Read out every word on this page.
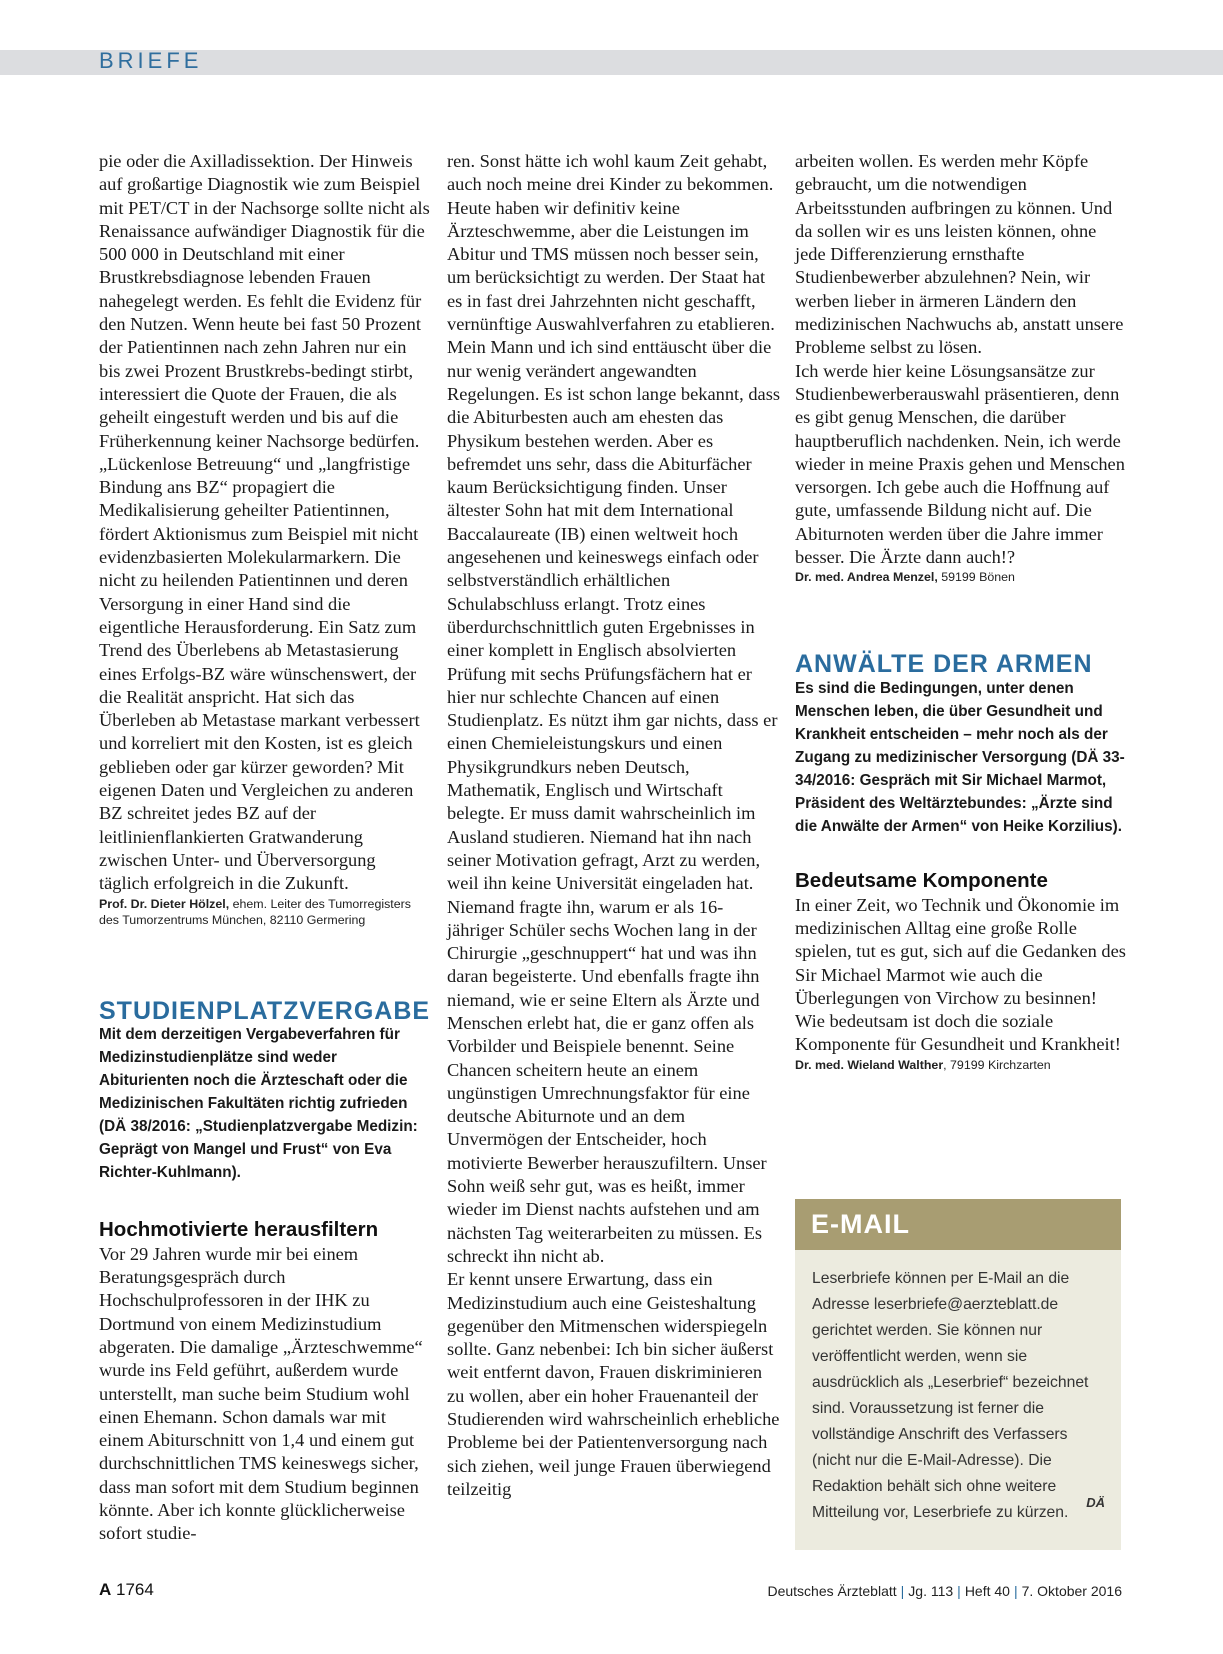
BRIEFE

pie oder die Axilladissektion. Der Hinweis auf großartige Diagnostik wie zum Beispiel mit PET/CT in der Nachsorge sollte nicht als Renaissance aufwändiger Diagnostik für die 500 000 in Deutschland mit einer Brustkrebsdiagnose lebenden Frauen nahegelegt werden. Es fehlt die Evidenz für den Nutzen. Wenn heute bei fast 50 Prozent der Patientinnen nach zehn Jahren nur ein bis zwei Prozent Brustkrebs-bedingt stirbt, interessiert die Quote der Frauen, die als geheilt eingestuft werden und bis auf die Früherkennung keiner Nachsorge bedürfen. „Lückenlose Betreuung“ und „langfristige Bindung ans BZ“ propagiert die Medikalisierung geheilter Patientinnen, fördert Aktionismus zum Beispiel mit nicht evidenzbasierten Molekularmarkern. Die nicht zu heilenden Patientinnen und deren Versorgung in einer Hand sind die eigentliche Herausforderung. Ein Satz zum Trend des Überlebens ab Metastasierung eines Erfolgs-BZ wäre wünschenswert, der die Realität anspricht. Hat sich das Überleben ab Metastase markant verbessert und korreliert mit den Kosten, ist es gleich geblieben oder gar kürzer geworden? Mit eigenen Daten und Vergleichen zu anderen BZ schreitet jedes BZ auf der leitlinienflankierten Gratwanderung zwischen Unter- und Überversorgung täglich erfolgreich in die Zukunft.

Prof. Dr. Dieter Hölzel, ehem. Leiter des Tumorregisters des Tumorzentrums München, 82110 Germering

STUDIENPLATZVERGABE

Mit dem derzeitigen Vergabeverfahren für Medizinstudienplätze sind weder Abiturienten noch die Ärzteschaft oder die Medizinischen Fakultäten richtig zufrieden (DÄ 38/2016: „Studienplatzvergabe Medizin: Geprägt von Mangel und Frust“ von Eva Richter-Kuhlmann).

Hochmotivierte herausfiltern

Vor 29 Jahren wurde mir bei einem Beratungsgespräch durch Hochschulprofessoren in der IHK zu Dortmund von einem Medizinstudium abgeraten. Die damalige „Ärzteschwemme“ wurde ins Feld geführt, außerdem wurde unterstellt, man suche beim Studium wohl einen Ehemann. Schon damals war mit einem Abiturschnitt von 1,4 und einem gut durchschnittlichen TMS keineswegs sicher, dass man sofort mit dem Studium beginnen könnte. Aber ich konnte glücklicherweise sofort studie-

ren. Sonst hätte ich wohl kaum Zeit gehabt, auch noch meine drei Kinder zu bekommen. Heute haben wir definitiv keine Ärzteschwemme, aber die Leistungen im Abitur und TMS müssen noch besser sein, um berücksichtigt zu werden. Der Staat hat es in fast drei Jahrzehnten nicht geschafft, vernünftige Auswahlverfahren zu etablieren.

Mein Mann und ich sind enttäuscht über die nur wenig verändert angewandten Regelungen. Es ist schon lange bekannt, dass die Abiturbesten auch am ehesten das Physikum bestehen werden. Aber es befremdet uns sehr, dass die Abiturfächer kaum Berücksichtigung finden. Unser ältester Sohn hat mit dem International Baccalaureate (IB) einen weltweit hoch angesehenen und keineswegs einfach oder selbstverständlich erhältlichen Schulabschluss erlangt. Trotz eines überdurchschnittlich guten Ergebnisses in einer komplett in Englisch absolvierten Prüfung mit sechs Prüfungsfächern hat er hier nur schlechte Chancen auf einen Studienplatz. Es nützt ihm gar nichts, dass er einen Chemieleistungskurs und einen Physikgrundkurs neben Deutsch, Mathematik, Englisch und Wirtschaft belegte. Er muss damit wahrscheinlich im Ausland studieren. Niemand hat ihn nach seiner Motivation gefragt, Arzt zu werden, weil ihn keine Universität eingeladen hat. Niemand fragte ihn, warum er als 16-jähriger Schüler sechs Wochen lang in der Chirurgie „geschnuppert“ hat und was ihn daran begeisterte. Und ebenfalls fragte ihn niemand, wie er seine Eltern als Ärzte und Menschen erlebt hat, die er ganz offen als Vorbilder und Beispiele benennt. Seine Chancen scheitern heute an einem ungünstigen Umrechnungsfaktor für eine deutsche Abiturnote und an dem Unvermögen der Entscheider, hoch motivierte Bewerber herauszufiltern. Unser Sohn weiß sehr gut, was es heißt, immer wieder im Dienst nachts aufstehen und am nächsten Tag weiterarbeiten zu müssen. Es schreckt ihn nicht ab.

Er kennt unsere Erwartung, dass ein Medizinstudium auch eine Geisteshaltung gegenüber den Mitmenschen widerspiegeln sollte. Ganz nebenbei: Ich bin sicher äußerst weit entfernt davon, Frauen diskriminieren zu wollen, aber ein hoher Frauenanteil der Studierenden wird wahrscheinlich erhebliche Probleme bei der Patientenversorgung nach sich ziehen, weil junge Frauen überwiegend teilzeitig

arbeiten wollen. Es werden mehr Köpfe gebraucht, um die notwendigen Arbeitsstunden aufbringen zu können. Und da sollen wir es uns leisten können, ohne jede Differenzierung ernsthafte Studienbewerber abzulehnen? Nein, wir werben lieber in ärmeren Ländern den medizinischen Nachwuchs ab, anstatt unsere Probleme selbst zu lösen.

Ich werde hier keine Lösungsansätze zur Studienbewerberauswahl präsentieren, denn es gibt genug Menschen, die darüber hauptberuflich nachdenken. Nein, ich werde wieder in meine Praxis gehen und Menschen versorgen. Ich gebe auch die Hoffnung auf gute, umfassende Bildung nicht auf. Die Abiturnoten werden über die Jahre immer besser. Die Ärzte dann auch!?

Dr. med. Andrea Menzel, 59199 Bönen

ANWÄLTE DER ARMEN

Es sind die Bedingungen, unter denen Menschen leben, die über Gesundheit und Krankheit entscheiden – mehr noch als der Zugang zu medizinischer Versorgung (DÄ 33-34/2016: Gespräch mit Sir Michael Marmot, Präsident des Weltärztebundes: „Ärzte sind die Anwälte der Armen“ von Heike Korzilius).

Bedeutsame Komponente

In einer Zeit, wo Technik und Ökonomie im medizinischen Alltag eine große Rolle spielen, tut es gut, sich auf die Gedanken des Sir Michael Marmot wie auch die Überlegungen von Virchow zu besinnen! Wie bedeutsam ist doch die soziale Komponente für Gesundheit und Krankheit!

Dr. med. Wieland Walther, 79199 Kirchzarten

E-MAIL
Leserbriefe können per E-Mail an die Adresse leserbriefe@aerzteblatt.de gerichtet werden. Sie können nur veröffentlicht werden, wenn sie ausdrücklich als „Leserbrief“ bezeichnet sind. Voraussetzung ist ferner die vollständige Anschrift des Verfassers (nicht nur die E-Mail-Adresse). Die Redaktion behält sich ohne weitere Mitteilung vor, Leserbriefe zu kürzen.
DÄ
A 1764	Deutsches Ärzteblatt | Jg. 113 | Heft 40 | 7. Oktober 2016
